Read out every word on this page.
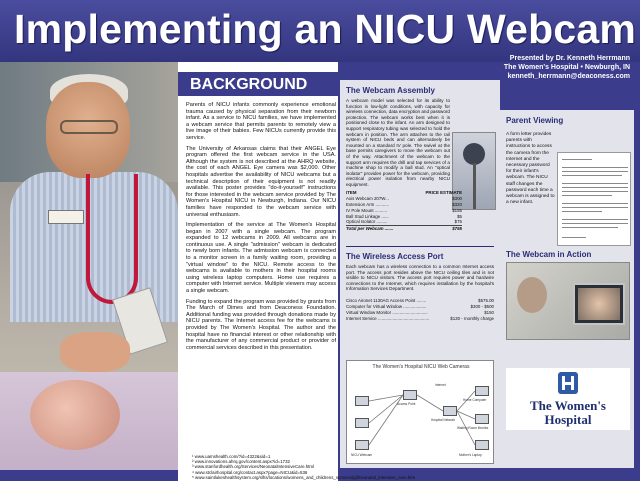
Implementing an NICU Webcam
BACKGROUND

Parents of NICU infants commonly experience emotional trauma caused by physical separation from their newborn infant. As a service to NICU families, we have implemented a webcam service that permits parents to remotely view a live image of their babies. Few NICUs currently provide this service.

The University of Arkansas claims that their ANGEL Eye program offered the first webcam service in the USA. Although the system is not described at the AHRQ website, the cost of each ANGEL Eye camera was $2,000. Other hospitals advertise the availability of NICU webcams but a technical description of their equipment is not readily available. This poster provides "do-it-yourself" instructions for those interested in the webcam service provided by The Women's Hospital NICU in Newburgh, Indiana. Our NICU families have responded to the webcam service with universal enthusiasm.

Implementation of the service at The Women's Hospital began in 2007 with a single webcam. The program expanded to 12 webcams in 2009. All webcams are in continuous use. A single "admission" webcam is dedicated to newly born infants. The admission webcam is connected to a monitor screen in a family waiting room, providing a "virtual window" to the NICU. Remote access to the webcams is available to mothers in their hospital rooms using wireless laptop computers. Home use requires a computer with Internet service. Multiple viewers may access a single webcam.

Funding to expand the program was provided by grants from The March of Dimes and from Deaconess Foundation. Additional funding was provided through donations made by NICU parents. The Internet access fee for the webcams is provided by The Women's Hospital. The author and the hospital have no financial interest or other relationship with the manufacturer of any commercial product or provider of commercial services described in this presentation.

¹ www.uamshealth.com/?id=4322&sid=1
² www.innovations.ahrq.gov/content.aspx?id=1732
³ www.stanfordhealth.org/Services/NeonatalIntensiveCare.html
⁴ www.stclairhospital.org/contact.aspx?page=NICU&id=536
⁵ www.saintlukeshealthsystem.org/slhs/locations/womens_and_childrens_services/pjf/neonatal_intensive_care.htm
Presented by Dr. Kenneth Herrmann
The Women's Hospital • Newburgh, IN
kenneth_herrmann@deaconess.com
The Webcam Assembly
A webcam model was selected for its ability to function in low-light conditions, with capacity for wireless connection, data encryption and password protection. The webcam works best when it is positioned close to the infant. An arm designed to support respiratory tubing was selected to hold the webcam in position. The arm attaches to the rail system of NICU beds and can alternatively be mounted on a standard IV pole. The swivel at the base permits caregivers to move the webcam out of the way. Attachment of the webcam to the support arm requires the drill and tap services of a machine shop to modify a ball stud. An "optical isolator" provides power for the webcam, providing electrical power isolation from nearby NICU equipment.
ITEM	PRICE ESTIMATE
Axis Webcam 207W...	$300
Extension Arm ...........	$320
IV Pole Mount ..........	$155
Ball Stud Linkage ......	$5
Optical Isolator .........	$75
Total per Webcam .......	$755
The Wireless Access Port
Each webcam has a wireless connection to a common Internet access port. The access port resides above the NICU ceiling tiles and is not visible to NICU visitors. The access port requires power and hardwire connections to the Internet, which requires installation by the hospital's Information Services Department.
Cisco Aironet 1130AG Access Point ........	$575.00
Computer for Virtual Window ...................	$300 - $500
Virtual Window Monitor .............................	$150
Internet Service ..........................................	$130 - monthly charge
The Women's Hospital NICU Web Cameras
NICU Webcam
Access Point
Hospital Network
Internet
Home Computer
Waiting Room Monitor
Mother's Laptop
Parent Viewing
A form letter provides parents with instructions to access the camera from the Internet and the necessary password for their infant's webcam. The NICU staff changes the password each time a webcam is assigned to a new infant.
The Webcam in Action
The Women's
Hospital
